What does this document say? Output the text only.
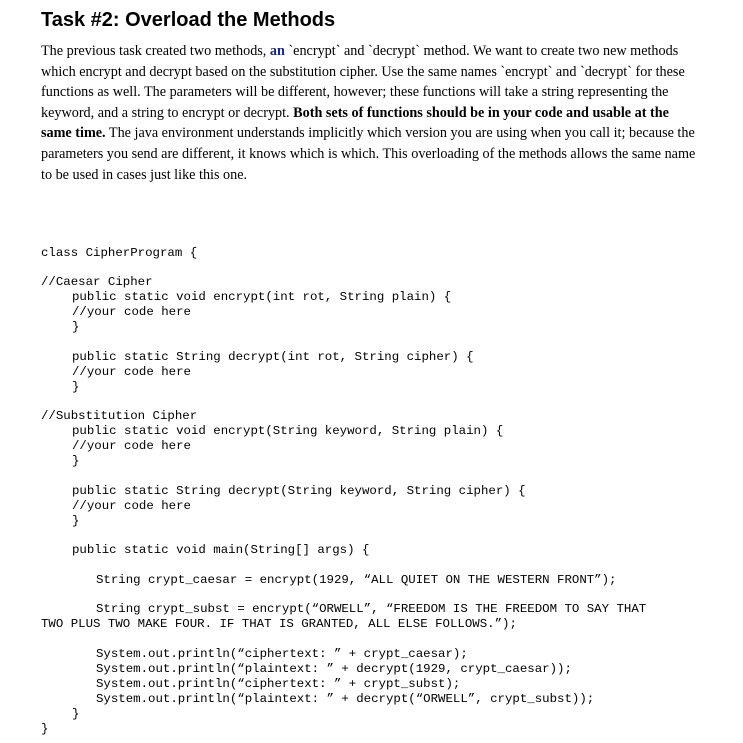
Task #2: Overload the Methods

The previous task created two methods, an `encrypt` and `decrypt` method. We want to create two new methods which encrypt and decrypt based on the substitution cipher. Use the same names `encrypt` and `decrypt` for these functions as well. The parameters will be different, however; these functions will take a string representing the keyword, and a string to encrypt or decrypt. Both sets of functions should be in your code and usable at the same time. The java environment understands implicitly which version you are using when you call it; because the parameters you send are different, it knows which is which. This overloading of the methods allows the same name to be used in cases just like this one.

class CipherProgram {
//Caesar Cipher
public static void encrypt(int rot, String plain) {
//your code here
}
public static String decrypt(int rot, String cipher) {
//your code here
}
//Substitution Cipher
public static void encrypt(String keyword, String plain) {
//your code here
}
public static String decrypt(String keyword, String cipher) {
//your code here
}
public static void main(String[] args) {
String crypt_caesar = encrypt(1929, “ALL QUIET ON THE WESTERN FRONT”);
String crypt_subst = encrypt(“ORWELL”, “FREEDOM IS THE FREEDOM TO SAY THAT
TWO PLUS TWO MAKE FOUR. IF THAT IS GRANTED, ALL ELSE FOLLOWS.”);
System.out.println(“ciphertext: ” + crypt_caesar);
System.out.println(“plaintext: ” + decrypt(1929, crypt_caesar));
System.out.println(“ciphertext: ” + crypt_subst);
System.out.println(“plaintext: ” + decrypt(“ORWELL”, crypt_subst));
}
}
